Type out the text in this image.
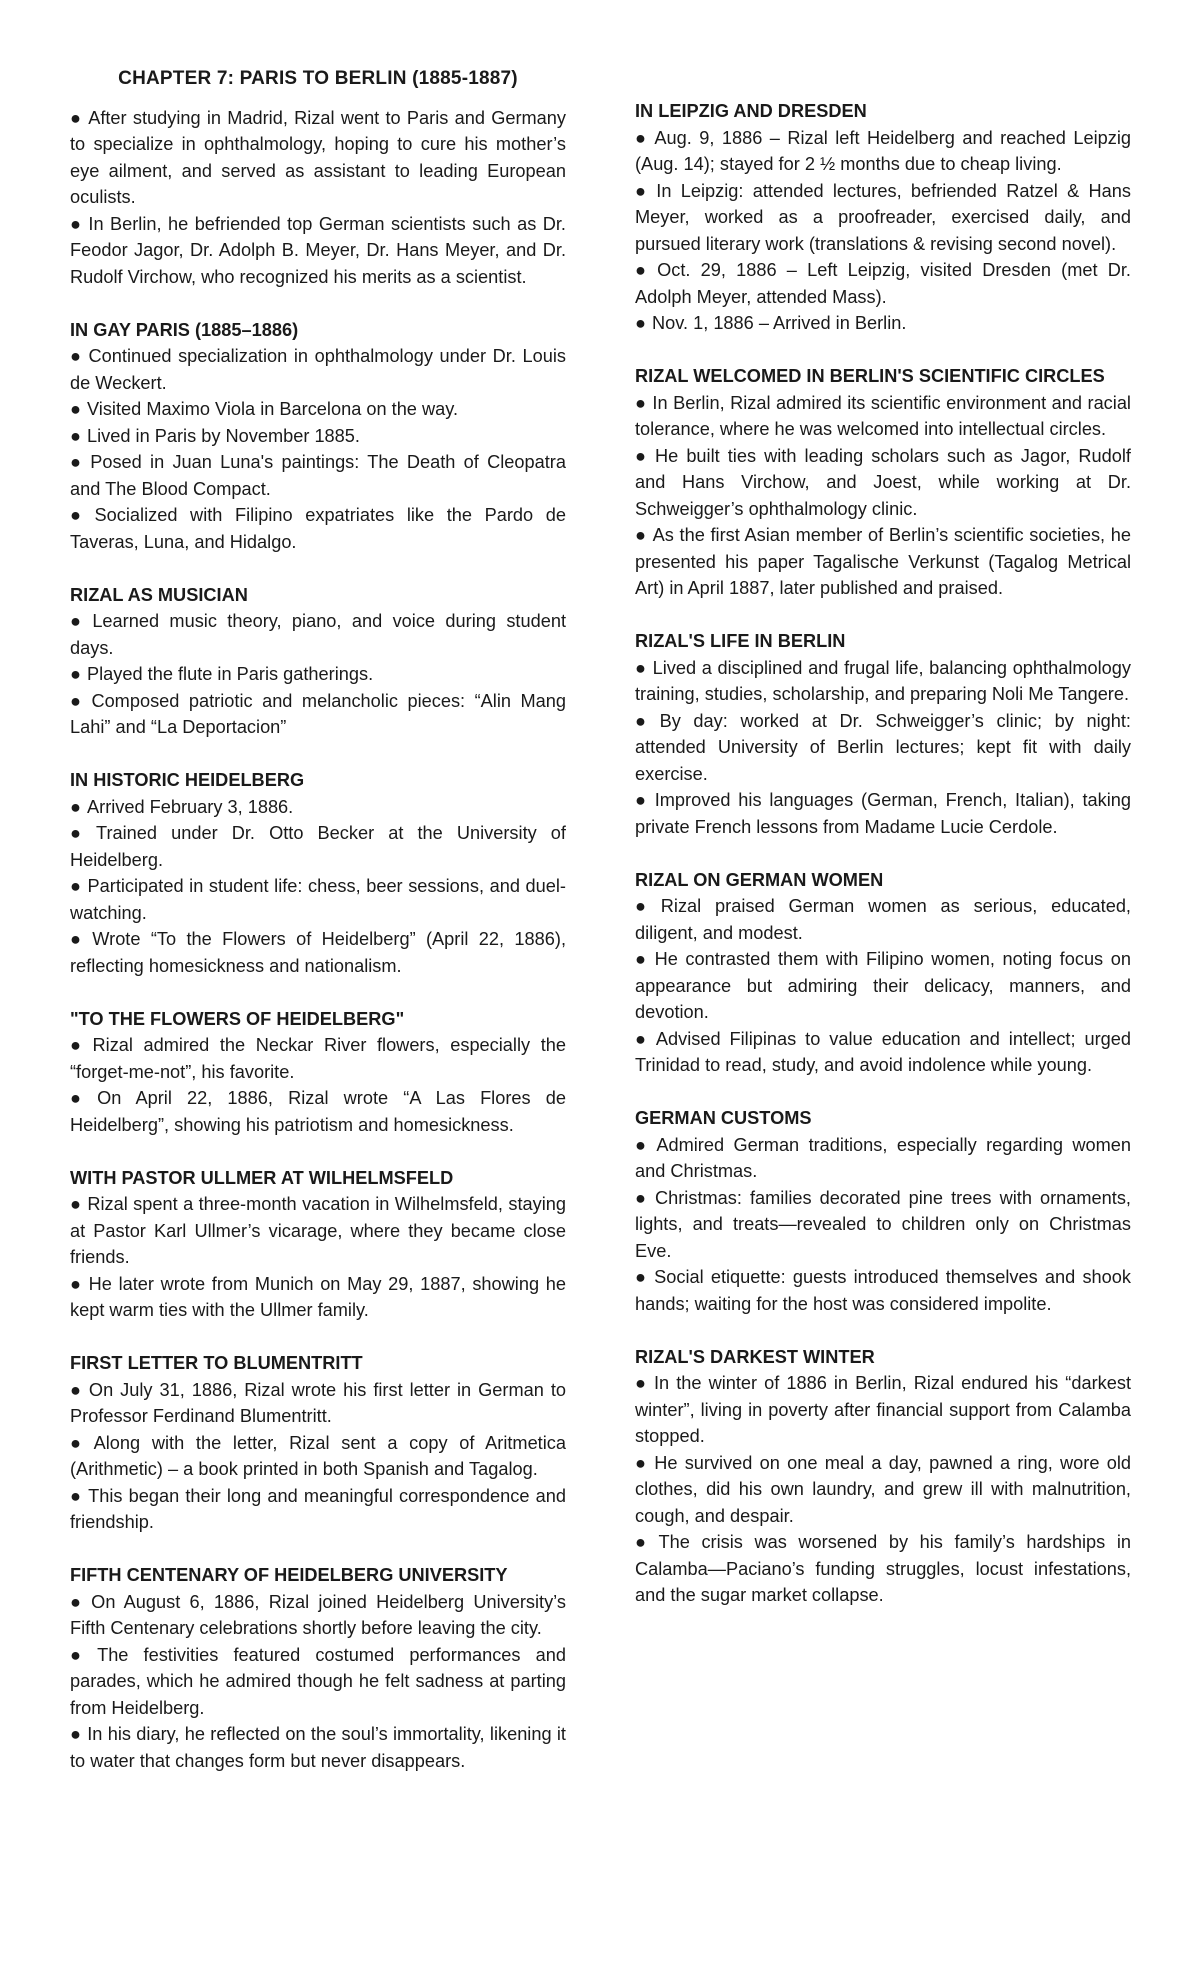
CHAPTER 7: PARIS TO BERLIN (1885-1887)

● After studying in Madrid, Rizal went to Paris and Germany to specialize in ophthalmology, hoping to cure his mother’s eye ailment, and served as assistant to leading European oculists.

● In Berlin, he befriended top German scientists such as Dr. Feodor Jagor, Dr. Adolph B. Meyer, Dr. Hans Meyer, and Dr. Rudolf Virchow, who recognized his merits as a scientist.

IN GAY PARIS (1885–1886)

● Continued specialization in ophthalmology under Dr. Louis de Weckert.

● Visited Maximo Viola in Barcelona on the way.

● Lived in Paris by November 1885.

● Posed in Juan Luna's paintings: The Death of Cleopatra and The Blood Compact.

● Socialized with Filipino expatriates like the Pardo de Taveras, Luna, and Hidalgo.

RIZAL AS MUSICIAN

● Learned music theory, piano, and voice during student days.

● Played the flute in Paris gatherings.

● Composed patriotic and melancholic pieces: “Alin Mang Lahi” and “La Deportacion”

IN HISTORIC HEIDELBERG

● Arrived February 3, 1886.

● Trained under Dr. Otto Becker at the University of Heidelberg.

● Participated in student life: chess, beer sessions, and duel-watching.

● Wrote “To the Flowers of Heidelberg” (April 22, 1886), reflecting homesickness and nationalism.

"TO THE FLOWERS OF HEIDELBERG"

● Rizal admired the Neckar River flowers, especially the “forget-me-not”, his favorite.

● On April 22, 1886, Rizal wrote “A Las Flores de Heidelberg”, showing his patriotism and homesickness.

WITH PASTOR ULLMER AT WILHELMSFELD

● Rizal spent a three-month vacation in Wilhelmsfeld, staying at Pastor Karl Ullmer’s vicarage, where they became close friends.

● He later wrote from Munich on May 29, 1887, showing he kept warm ties with the Ullmer family.

FIRST LETTER TO BLUMENTRITT

● On July 31, 1886, Rizal wrote his first letter in German to Professor Ferdinand Blumentritt.

● Along with the letter, Rizal sent a copy of Aritmetica (Arithmetic) – a book printed in both Spanish and Tagalog.

● This began their long and meaningful correspondence and friendship.

FIFTH CENTENARY OF HEIDELBERG UNIVERSITY

● On August 6, 1886, Rizal joined Heidelberg University’s Fifth Centenary celebrations shortly before leaving the city.

● The festivities featured costumed performances and parades, which he admired though he felt sadness at parting from Heidelberg.

● In his diary, he reflected on the soul’s immortality, likening it to water that changes form but never disappears.

IN LEIPZIG AND DRESDEN

● Aug. 9, 1886 – Rizal left Heidelberg and reached Leipzig (Aug. 14); stayed for 2 ½ months due to cheap living.

● In Leipzig: attended lectures, befriended Ratzel & Hans Meyer, worked as a proofreader, exercised daily, and pursued literary work (translations & revising second novel).

● Oct. 29, 1886 – Left Leipzig, visited Dresden (met Dr. Adolph Meyer, attended Mass).

● Nov. 1, 1886 – Arrived in Berlin.

RIZAL WELCOMED IN BERLIN'S SCIENTIFIC CIRCLES

● In Berlin, Rizal admired its scientific environment and racial tolerance, where he was welcomed into intellectual circles.

● He built ties with leading scholars such as Jagor, Rudolf and Hans Virchow, and Joest, while working at Dr. Schweigger’s ophthalmology clinic.

● As the first Asian member of Berlin’s scientific societies, he presented his paper Tagalische Verkunst (Tagalog Metrical Art) in April 1887, later published and praised.

RIZAL'S LIFE IN BERLIN

● Lived a disciplined and frugal life, balancing ophthalmology training, studies, scholarship, and preparing Noli Me Tangere.

● By day: worked at Dr. Schweigger’s clinic; by night: attended University of Berlin lectures; kept fit with daily exercise.

● Improved his languages (German, French, Italian), taking private French lessons from Madame Lucie Cerdole.

RIZAL ON GERMAN WOMEN

● Rizal praised German women as serious, educated, diligent, and modest.

● He contrasted them with Filipino women, noting focus on appearance but admiring their delicacy, manners, and devotion.

● Advised Filipinas to value education and intellect; urged Trinidad to read, study, and avoid indolence while young.

GERMAN CUSTOMS

● Admired German traditions, especially regarding women and Christmas.

● Christmas: families decorated pine trees with ornaments, lights, and treats—revealed to children only on Christmas Eve.

● Social etiquette: guests introduced themselves and shook hands; waiting for the host was considered impolite.

RIZAL'S DARKEST WINTER

● In the winter of 1886 in Berlin, Rizal endured his “darkest winter”, living in poverty after financial support from Calamba stopped.

● He survived on one meal a day, pawned a ring, wore old clothes, did his own laundry, and grew ill with malnutrition, cough, and despair.

● The crisis was worsened by his family’s hardships in Calamba—Paciano’s funding struggles, locust infestations, and the sugar market collapse.
